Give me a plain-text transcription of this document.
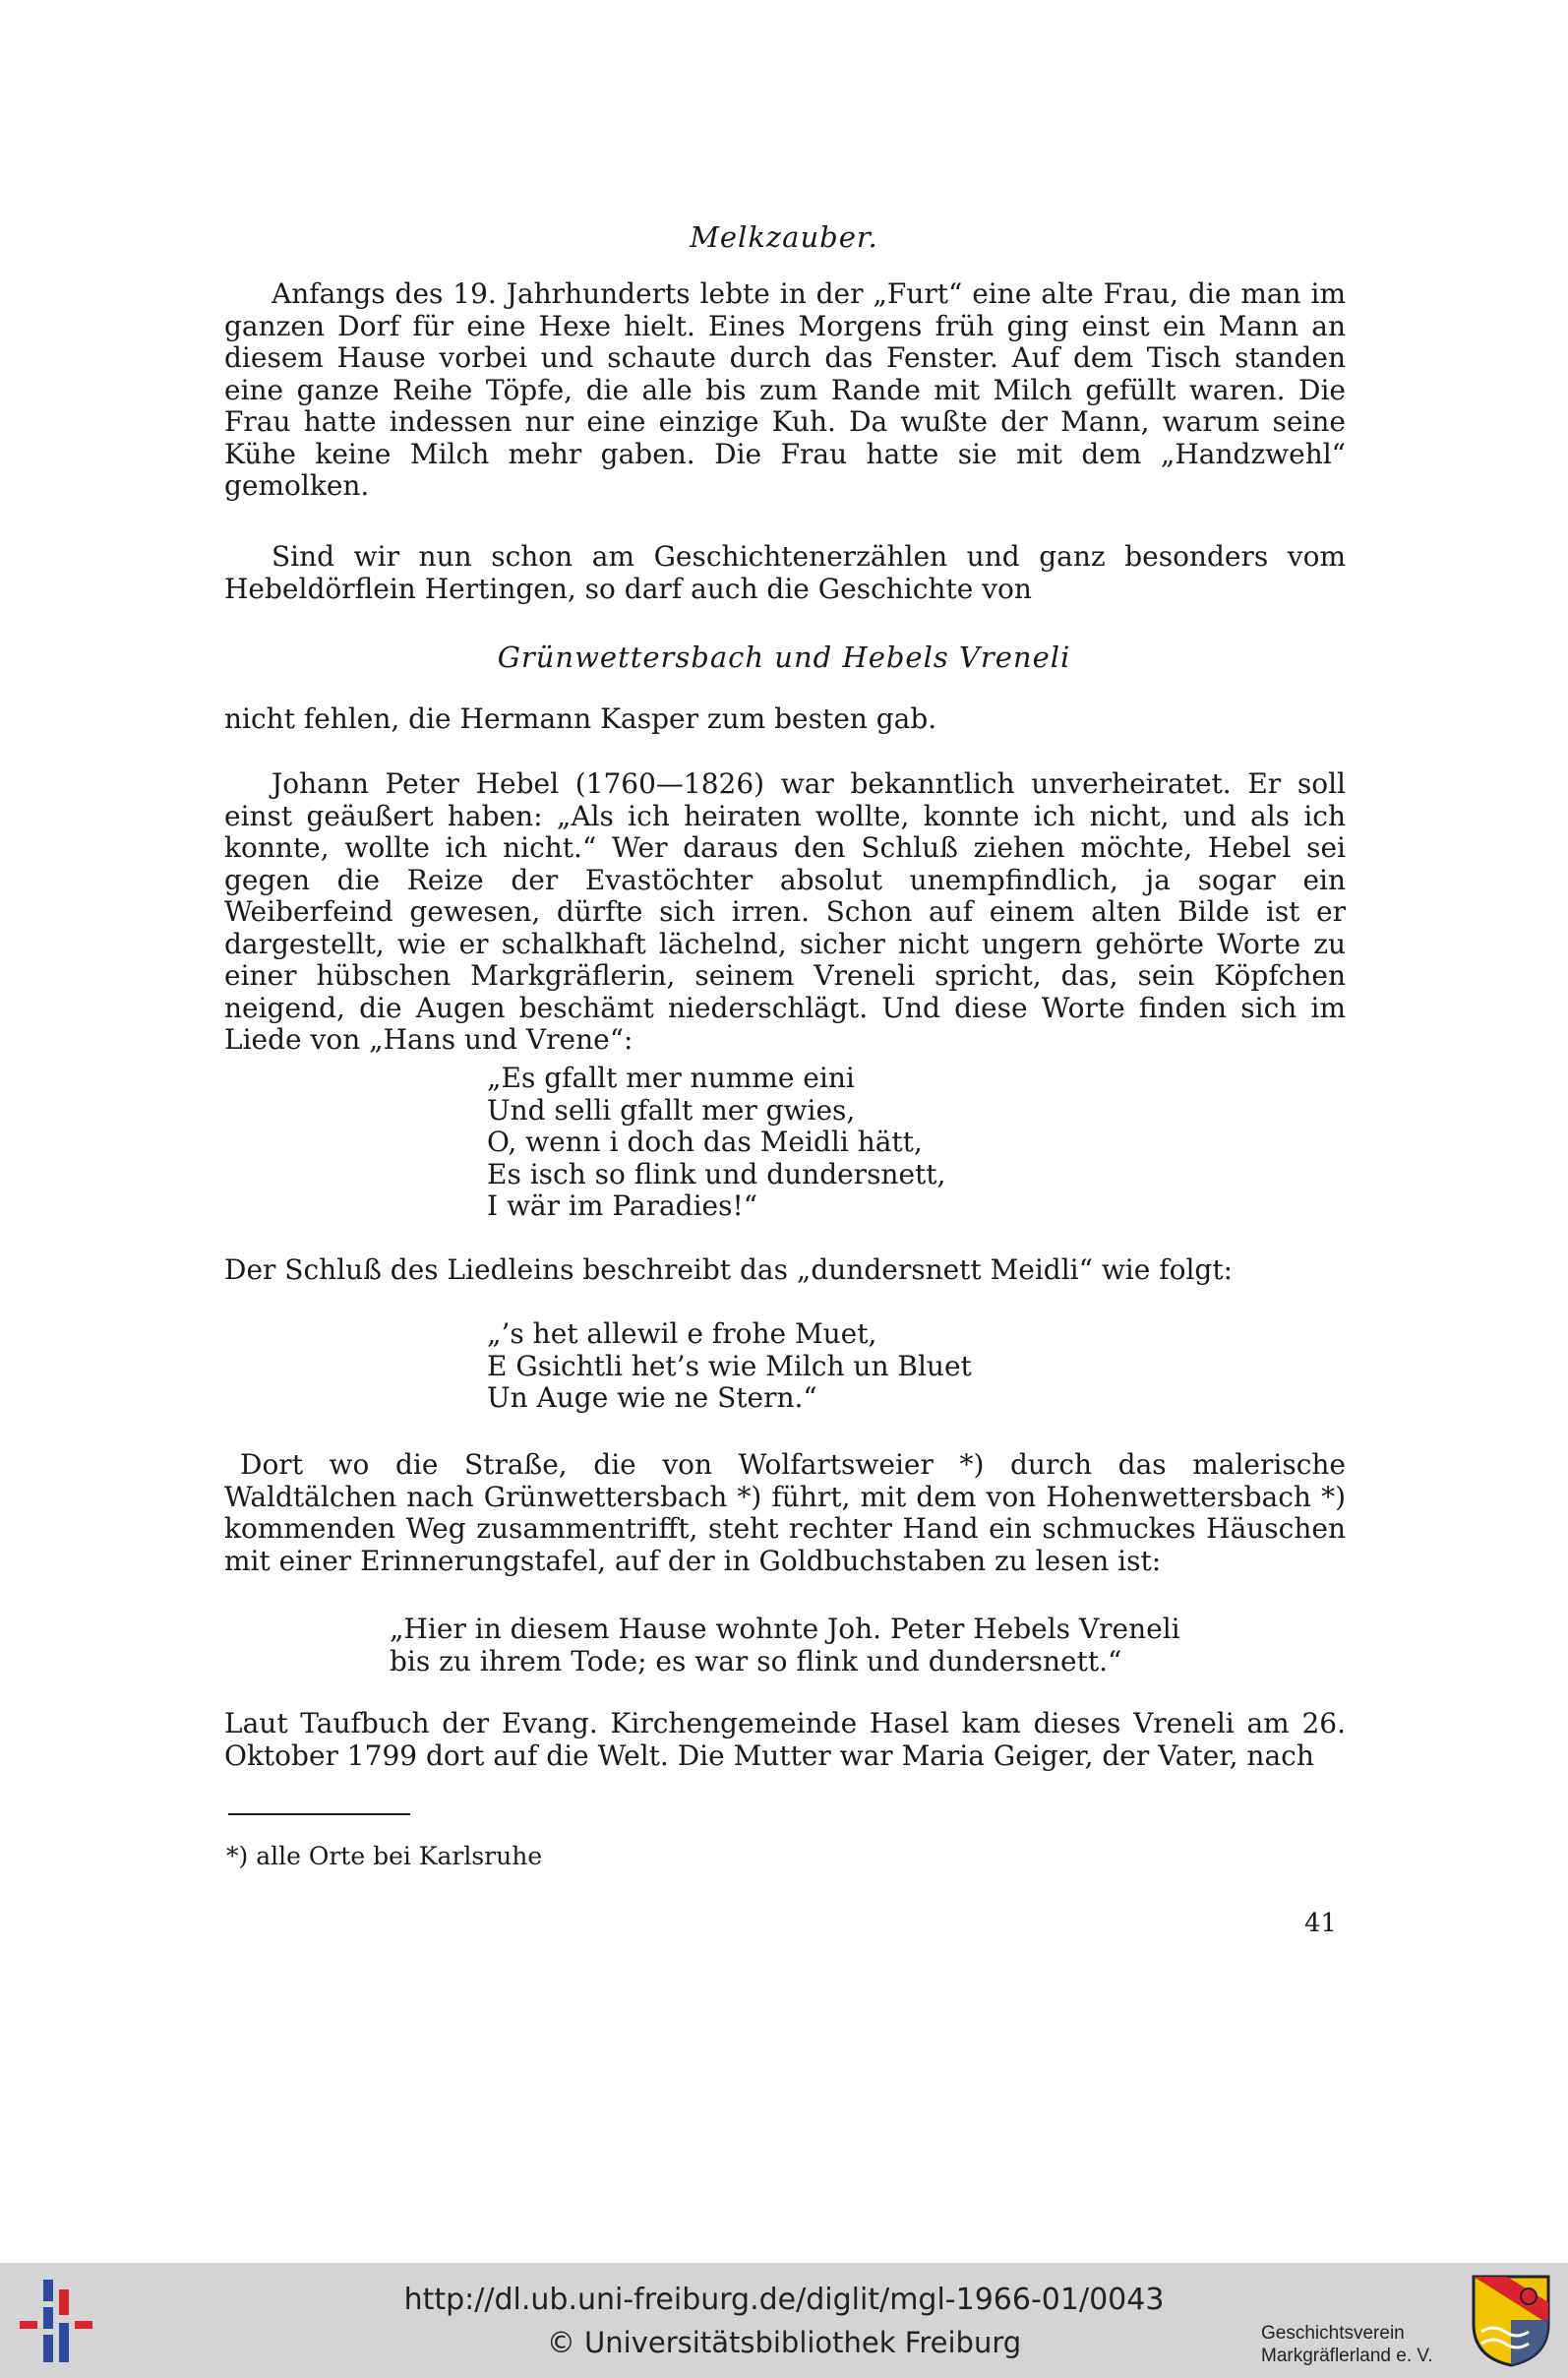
Melkzauber.

Anfangs des 19. Jahrhunderts lebte in der „Furt“ eine alte Frau, die man im ganzen Dorf für eine Hexe hielt. Eines Morgens früh ging einst ein Mann an diesem Hause vorbei und schaute durch das Fenster. Auf dem Tisch standen eine ganze Reihe Töpfe, die alle bis zum Rande mit Milch gefüllt waren. Die Frau hatte indessen nur eine einzige Kuh. Da wußte der Mann, warum seine Kühe keine Milch mehr gaben. Die Frau hatte sie mit dem „Handzwehl“ gemolken.

Sind wir nun schon am Geschichtenerzählen und ganz besonders vom Hebeldörflein Hertingen, so darf auch die Geschichte von

Grünwettersbach und Hebels Vreneli

nicht fehlen, die Hermann Kasper zum besten gab.

Johann Peter Hebel (1760—1826) war bekanntlich unverheiratet. Er soll einst geäußert haben: „Als ich heiraten wollte, konnte ich nicht, und als ich konnte, wollte ich nicht.“ Wer daraus den Schluß ziehen möchte, Hebel sei gegen die Reize der Evastöchter absolut unempfindlich, ja sogar ein Weiberfeind gewesen, dürfte sich irren. Schon auf einem alten Bilde ist er dargestellt, wie er schalkhaft lächelnd, sicher nicht ungern gehörte Worte zu einer hübschen Markgräflerin, seinem Vreneli spricht, das, sein Köpfchen neigend, die Augen beschämt niederschlägt. Und diese Worte finden sich im Liede von „Hans und Vrene“:

„Es gfallt mer numme eini
Und selli gfallt mer gwies,
O, wenn i doch das Meidli hätt,
Es isch so flink und dundersnett,
I wär im Paradies!“

Der Schluß des Liedleins beschreibt das „dundersnett Meidli“ wie folgt:

„’s het allewil e frohe Muet,
E Gsichtli het’s wie Milch un Bluet
Un Auge wie ne Stern.“

Dort wo die Straße, die von Wolfartsweier *) durch das malerische Waldtälchen nach Grünwettersbach *) führt, mit dem von Hohenwettersbach *) kommenden Weg zusammentrifft, steht rechter Hand ein schmuckes Häuschen mit einer Erinnerungstafel, auf der in Goldbuchstaben zu lesen ist:

„Hier in diesem Hause wohnte Joh. Peter Hebels Vreneli
bis zu ihrem Tode; es war so flink und dundersnett.“

Laut Taufbuch der Evang. Kirchengemeinde Hasel kam dieses Vreneli am 26. Oktober 1799 dort auf die Welt. Die Mutter war Maria Geiger, der Vater, nach

*) alle Orte bei Karlsruhe
41
http://dl.ub.uni-freiburg.de/diglit/mgl-1966-01/0043
© Universitätsbibliothek Freiburg	Geschichtsverein
Markgräflerland e. V.
